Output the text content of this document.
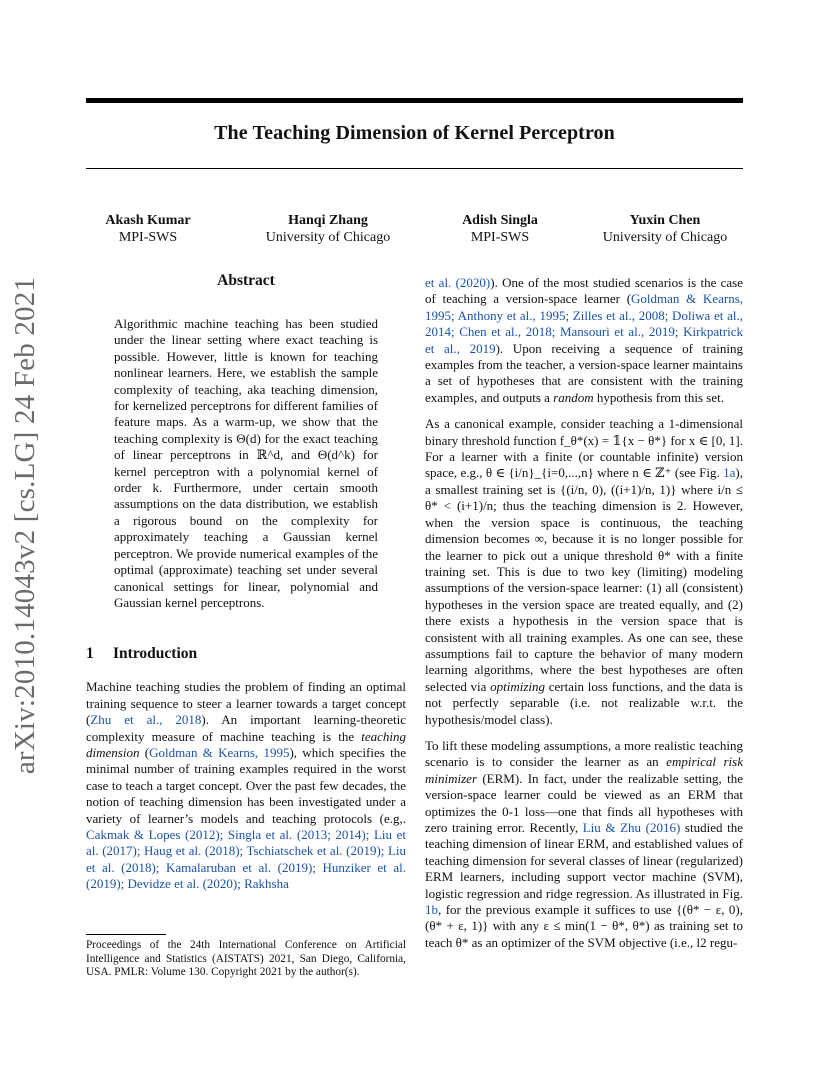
The Teaching Dimension of Kernel Perceptron
arXiv:2010.14043v2 [cs.LG] 24 Feb 2021
Akash Kumar
MPI-SWS
Hanqi Zhang
University of Chicago
Adish Singla
MPI-SWS
Yuxin Chen
University of Chicago
Abstract
Algorithmic machine teaching has been studied under the linear setting where exact teaching is possible. However, little is known for teaching nonlinear learners. Here, we establish the sample complexity of teaching, aka teaching dimension, for kernelized perceptrons for different families of feature maps. As a warm-up, we show that the teaching complexity is Θ(d) for the exact teaching of linear perceptrons in ℝ^d, and Θ(d^k) for kernel perceptron with a polynomial kernel of order k. Furthermore, under certain smooth assumptions on the data distribution, we establish a rigorous bound on the complexity for approximately teaching a Gaussian kernel perceptron. We provide numerical examples of the optimal (approximate) teaching set under several canonical settings for linear, polynomial and Gaussian kernel perceptrons.
1 Introduction

Machine teaching studies the problem of finding an optimal training sequence to steer a learner towards a target concept (Zhu et al., 2018). An important learning-theoretic complexity measure of machine teaching is the teaching dimension (Goldman & Kearns, 1995), which specifies the minimal number of training examples required in the worst case to teach a target concept. Over the past few decades, the notion of teaching dimension has been investigated under a variety of learner’s models and teaching protocols (e.g,. Cakmak & Lopes (2012); Singla et al. (2013; 2014); Liu et al. (2017); Haug et al. (2018); Tschiatschek et al. (2019); Liu et al. (2018); Kamalaruban et al. (2019); Hunziker et al. (2019); Devidze et al. (2020); Rakhsha

Proceedings of the 24th International Conference on Artificial Intelligence and Statistics (AISTATS) 2021, San Diego, California, USA. PMLR: Volume 130. Copyright 2021 by the author(s).

et al. (2020)). One of the most studied scenarios is the case of teaching a version-space learner (Goldman & Kearns, 1995; Anthony et al., 1995; Zilles et al., 2008; Doliwa et al., 2014; Chen et al., 2018; Mansouri et al., 2019; Kirkpatrick et al., 2019). Upon receiving a sequence of training examples from the teacher, a version-space learner maintains a set of hypotheses that are consistent with the training examples, and outputs a random hypothesis from this set.

As a canonical example, consider teaching a 1-dimensional binary threshold function f_θ*(x) = 𝟙{x − θ*} for x ∈ [0, 1]. For a learner with a finite (or countable infinite) version space, e.g., θ ∈ {i/n}_{i=0,...,n} where n ∈ ℤ⁺ (see Fig. 1a), a smallest training set is {(i/n, 0), ((i+1)/n, 1)} where i/n ≤ θ* < (i+1)/n; thus the teaching dimension is 2. However, when the version space is continuous, the teaching dimension becomes ∞, because it is no longer possible for the learner to pick out a unique threshold θ* with a finite training set. This is due to two key (limiting) modeling assumptions of the version-space learner: (1) all (consistent) hypotheses in the version space are treated equally, and (2) there exists a hypothesis in the version space that is consistent with all training examples. As one can see, these assumptions fail to capture the behavior of many modern learning algorithms, where the best hypotheses are often selected via optimizing certain loss functions, and the data is not perfectly separable (i.e. not realizable w.r.t. the hypothesis/model class).

To lift these modeling assumptions, a more realistic teaching scenario is to consider the learner as an empirical risk minimizer (ERM). In fact, under the realizable setting, the version-space learner could be viewed as an ERM that optimizes the 0-1 loss—one that finds all hypotheses with zero training error. Recently, Liu & Zhu (2016) studied the teaching dimension of linear ERM, and established values of teaching dimension for several classes of linear (regularized) ERM learners, including support vector machine (SVM), logistic regression and ridge regression. As illustrated in Fig. 1b, for the previous example it suffices to use {(θ* − ε, 0), (θ* + ε, 1)} with any ε ≤ min(1 − θ*, θ*) as training set to teach θ* as an optimizer of the SVM objective (i.e., l2 regu-
